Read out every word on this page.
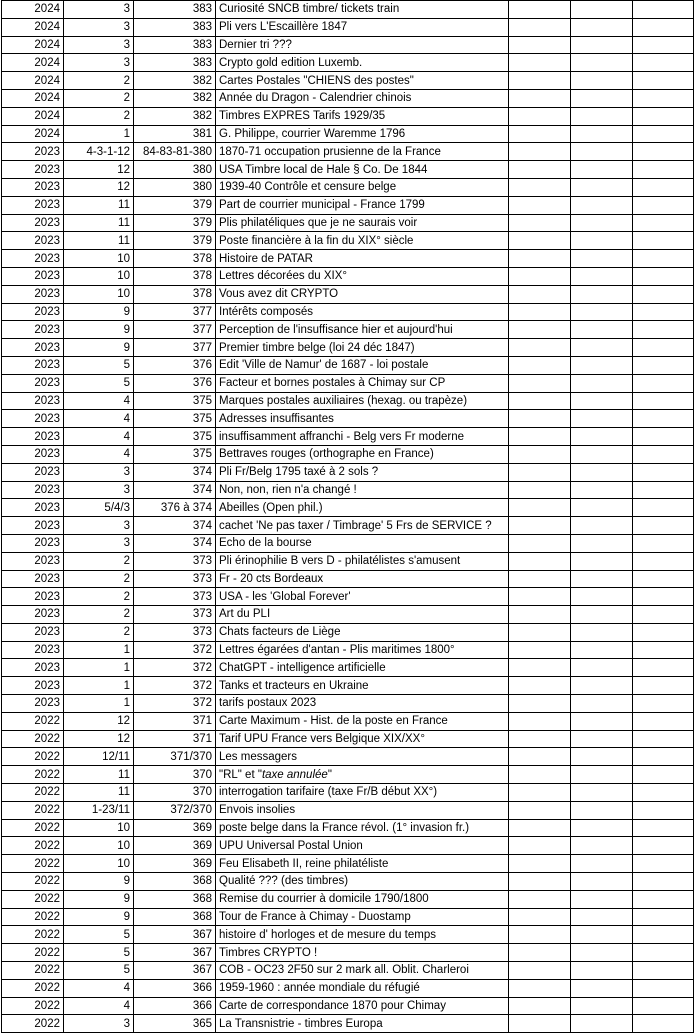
2024	3	383	Curiosité SNCB timbre/ tickets train			
2024	3	383	Pli vers L'Escaillère 1847			
2024	3	383	Dernier tri ???			
2024	3	383	Crypto gold edition Luxemb.			
2024	2	382	Cartes Postales "CHIENS des postes"			
2024	2	382	Année du Dragon - Calendrier chinois			
2024	2	382	Timbres EXPRES Tarifs 1929/35			
2024	1	381	G. Philippe, courrier Waremme 1796			
2023	4-3-1-12	84-83-81-380	1870-71 occupation prusienne de la France			
2023	12	380	USA Timbre local de Hale § Co. De 1844			
2023	12	380	1939-40 Contrôle et censure belge			
2023	11	379	Part de courrier municipal - France 1799			
2023	11	379	Plis philatéliques que je ne saurais voir			
2023	11	379	Poste financière à la fin du XIX° siècle			
2023	10	378	Histoire de PATAR			
2023	10	378	Lettres décorées du XIX°			
2023	10	378	Vous avez dit CRYPTO			
2023	9	377	Intérêts composés			
2023	9	377	Perception de l'insuffisance hier et aujourd'hui			
2023	9	377	Premier timbre belge (loi 24 déc 1847)			
2023	5	376	Edit 'Ville de Namur' de 1687 - loi postale			
2023	5	376	Facteur et bornes postales à Chimay sur CP			
2023	4	375	Marques postales auxiliaires (hexag. ou trapèze)			
2023	4	375	Adresses insuffisantes			
2023	4	375	insuffisamment affranchi - Belg vers Fr moderne			
2023	4	375	Bettraves rouges (orthographe en France)			
2023	3	374	Pli Fr/Belg 1795 taxé à 2 sols ?			
2023	3	374	Non, non, rien n'a changé !			
2023	5/4/3	376 à 374	Abeilles (Open phil.)			
2023	3	374	cachet 'Ne pas taxer / Timbrage' 5 Frs de SERVICE ?			
2023	3	374	Echo de la bourse			
2023	2	373	Pli érinophilie B vers D - philatélistes s'amusent			
2023	2	373	Fr - 20 cts Bordeaux			
2023	2	373	USA - les 'Global Forever'			
2023	2	373	Art du PLI			
2023	2	373	Chats facteurs de Liège			
2023	1	372	Lettres égarées d'antan - Plis maritimes 1800°			
2023	1	372	ChatGPT - intelligence artificielle			
2023	1	372	Tanks et tracteurs en Ukraine			
2023	1	372	tarifs postaux 2023			
2022	12	371	Carte Maximum - Hist. de la poste en France			
2022	12	371	Tarif UPU France vers Belgique XIX/XX°			
2022	12/11	371/370	Les messagers			
2022	11	370	"RL" et "taxe annulée"			
2022	11	370	interrogation tarifaire (taxe Fr/B début XX°)			
2022	1-23/11	372/370	Envois insolies			
2022	10	369	poste belge dans la France révol. (1° invasion fr.)			
2022	10	369	UPU Universal Postal Union			
2022	10	369	Feu Elisabeth II, reine philatéliste			
2022	9	368	Qualité ??? (des timbres)			
2022	9	368	Remise du courrier à domicile 1790/1800			
2022	9	368	Tour de France à Chimay - Duostamp			
2022	5	367	histoire d' horloges et de mesure du temps			
2022	5	367	Timbres CRYPTO !			
2022	5	367	COB - OC23 2F50 sur 2 mark all. Oblit. Charleroi			
2022	4	366	1959-1960 : année mondiale du réfugié			
2022	4	366	Carte de correspondance 1870 pour Chimay			
2022	3	365	La Transnistrie - timbres Europa			
